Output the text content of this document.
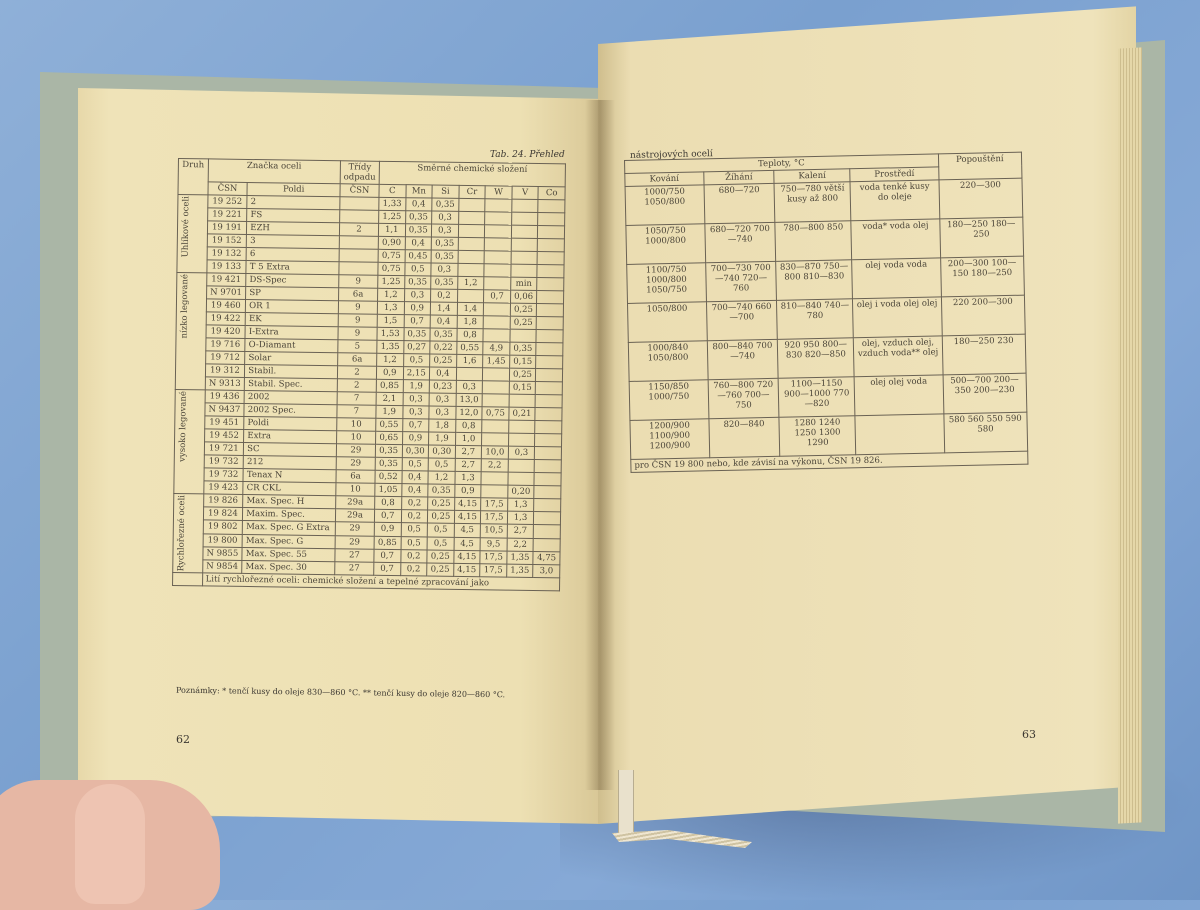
Tab. 24. Přehled	nástrojových ocelí
Druh	Značka oceli		Třídy odpadu	Směrné chemické složení						
	ČSN	Poldi	ČSN	C	Mn	Si	Cr	W	V	Co

Uhlíkové oceli	19 252	2		1,33	0,4	0,35				
	19 221	FS		1,25	0,35	0,3				
	19 191	EZH	2	1,1	0,35	0,3				
	19 152	3		0,90	0,4	0,35				
	19 132	6		0,75	0,45	0,35				
	19 133	T 5 Extra		0,75	0,5	0,3				

nízko legované	19 421	DS-Spec	9	1,25	0,35	0,35	1,2		min	
	N 9701	SP	6a	1,2	0,3	0,2		0,7	0,06	
	19 460	OR 1	9	1,3	0,9	1,4	1,4		0,25	
	19 422	EK	9	1,5	0,7	0,4	1,8		0,25	
	19 420	I-Extra	9	1,53	0,35	0,35	0,8			
	19 716	O-Diamant	5	1,35	0,27	0,22	0,55	4,9	0,35	
	19 712	Solar	6a	1,2	0,5	0,25	1,6	1,45	0,15	
	19 312	Stabil.	2	0,9	2,15	0,4			0,25	
	N 9313	Stabil. Spec.	2	0,85	1,9	0,23	0,3		0,15	

vysoko legované	19 436	2002	7	2,1	0,3	0,3	13,0			
	N 9437	2002 Spec.	7	1,9	0,3	0,3	12,0	0,75	0,21	
	19 451	Poldi	10	0,55	0,7	1,8	0,8			
	19 452	Extra	10	0,65	0,9	1,9	1,0			
	19 721	SC	29	0,35	0,30	0,30	2,7	10,0	0,3	
	19 732	212	29	0,35	0,5	0,5	2,7	2,2		
	19 732	Tenax N	6a	0,52	0,4	1,2	1,3			
	19 423	CR CKL	10	1,05	0,4	0,35	0,9		0,20	

Rychlořezné oceli	19 826	Max. Spec. H	29a	0,8	0,2	0,25	4,15	17,5	1,3	
	19 824	Maxim. Spec.	29a	0,7	0,2	0,25	4,15	17,5	1,3	
	19 802	Max. Spec. G Extra	29	0,9	0,5	0,5	4,5	10,5	2,7	
	19 800	Max. Spec. G	29	0,85	0,5	0,5	4,5	9,5	2,2	
	N 9855	Max. Spec. 55	27	0,7	0,2	0,25	4,15	17,5	1,35	4,75
	N 9854	Max. Spec. 30	27	0,7	0,2	0,25	4,15	17,5	1,35	3,0
	Lití rychlořezné oceli: chemické složení a tepelné zpracování jako									
Poznámky: * tenčí kusy do oleje 830—860 °C. ** tenčí kusy do oleje 820—860 °C.
62
Teploty, °C				Popouštění
Kování	Žíhání	Kalení	Prostředí	
1000/750 1050/800	680—720	750—780 větší kusy až 800	voda tenké kusy do oleje	220—300
1050/750 1000/800	680—720 700—740	780—800 850	voda* voda olej	180—250 180—250
1100/750 1000/800 1050/750	700—730 700—740 720—760	830—870 750—800 810—830	olej voda voda	200—300 100—150 180—250
1050/800	700—740 660—700	810—840 740—780	olej i voda olej olej	220 200—300
1000/840 1050/800	800—840 700—740	920 950 800—830 820—850	olej, vzduch olej, vzduch voda** olej	180—250 230
1150/850 1000/750	760—800 720—760 700—750	1100—1150 900—1000 770—820	olej olej voda	500—700 200—350 200—230
1200/900 1100/900 1200/900	820—840	1280 1240 1250 1300 1290		580 560 550 590 580
pro ČSN 19 800 nebo, kde závisí na výkonu, ČSN 19 826.				
63
